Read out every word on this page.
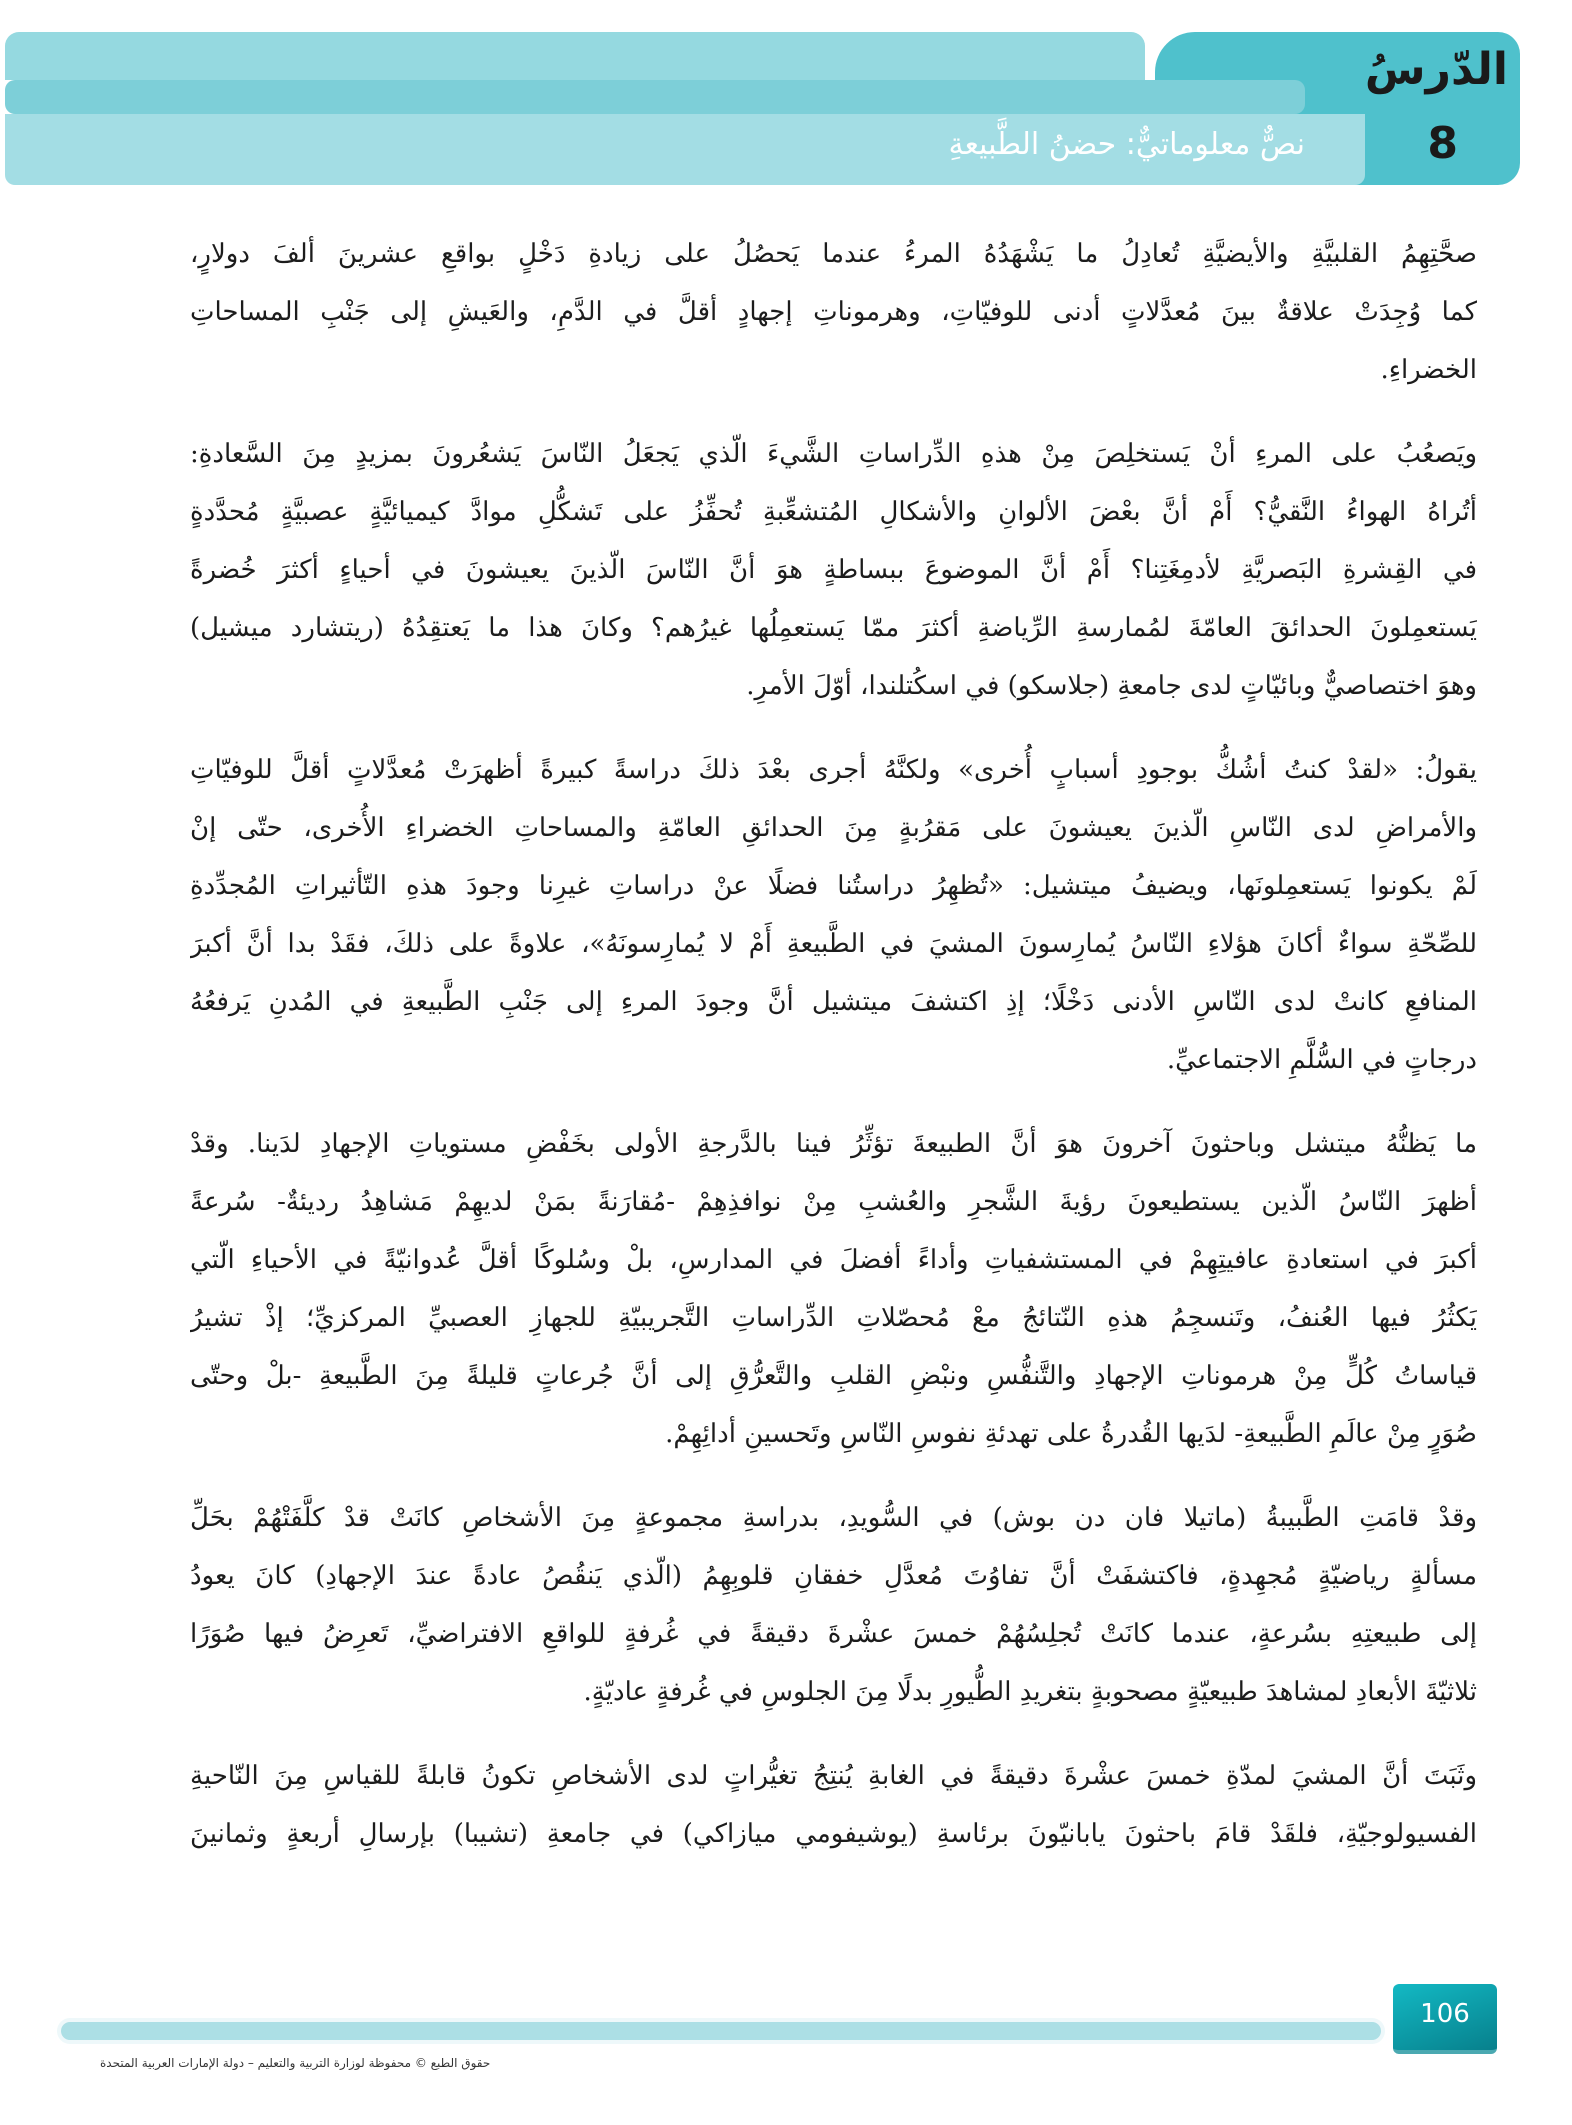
الدّرسُ
8
نصٌّ معلوماتيٌّ: حضنُ الطَّبيعةِ
صحَّتِهِمُ القلبيَّةِ والأيضيَّةِ تُعادِلُ ما يَشْهَدُهُ المرءُ عندما يَحصُلُ على زيادةِ دَخْلٍ بواقعِ عشرينَ ألفَ دولارٍ،
كما وُجِدَتْ علاقةٌ بينَ مُعدَّلاتٍ أدنى للوفيّاتِ، وهرموناتِ إجهادٍ أقلَّ في الدَّمِ، والعَيشِ إلى جَنْبِ المساحاتِ
الخضراءِ.
ويَصعُبُ على المرءِ أنْ يَستخلِصَ مِنْ هذهِ الدِّراساتِ الشَّيءَ الّذي يَجعَلُ النّاسَ يَشعُرونَ بمزيدٍ مِنَ السَّعادةِ:
أتُراهُ الهواءُ النَّقيُّ؟ أَمْ أنَّ بعْضَ الألوانِ والأشكالِ المُتشعِّبةِ تُحفِّزُ على تَشكُّلِ موادَّ كيميائيَّةٍ عصبيَّةٍ مُحدَّدةٍ
في القِشرةِ البَصريَّةِ لأدمِغَتِنا؟ أَمْ أنَّ الموضوعَ ببساطةٍ هوَ أنَّ النّاسَ الّذينَ يعيشونَ في أحياءٍ أكثرَ خُضرةً
يَستعمِلونَ الحدائقَ العامّةَ لمُمارسةِ الرِّياضةِ أكثرَ ممّا يَستعمِلُها غيرُهم؟ وكانَ هذا ما يَعتقِدُهُ (ريتشارد ميشيل)
وهوَ اختصاصيٌّ وبائيّاتٍ لدى جامعةِ (جلاسكو) في اسكُتلندا، أوّلَ الأمرِ.
يقولُ: «لقدْ كنتُ أشُكُّ بوجودِ أسبابٍ أُخرى» ولكنَّهُ أجرى بعْدَ ذلكَ دراسةً كبيرةً أظهرَتْ مُعدَّلاتٍ أقلَّ للوفيّاتِ
والأمراضِ لدى النّاسِ الّذينَ يعيشونَ على مَقرُبةٍ مِنَ الحدائقِ العامّةِ والمساحاتِ الخضراءِ الأُخرى، حتّى إنْ
لَمْ يكونوا يَستعمِلونَها، ويضيفُ ميتشيل: «تُظهِرُ دراستُنا فضلًا عنْ دراساتِ غيرِنا وجودَ هذهِ التّأثيراتِ المُجدِّدةِ
للصِّحّةِ سواءٌ أكانَ هؤلاءِ النّاسُ يُمارِسونَ المشيَ في الطَّبيعةِ أَمْ لا يُمارِسونَهُ»، علاوةً على ذلكَ، فقَدْ بدا أنَّ أكبرَ
المنافعِ كانتْ لدى النّاسِ الأدنى دَخْلًا؛ إذِ اكتشفَ ميتشيل أنَّ وجودَ المرءِ إلى جَنْبِ الطَّبيعةِ في المُدنِ يَرفعُهُ
درجاتٍ في السُّلَّمِ الاجتماعيِّ.
ما يَظنُّهُ ميتشل وباحثونَ آخرونَ هوَ أنَّ الطبيعةَ تؤثِّرُ فينا بالدَّرجةِ الأولى بخَفْضِ مستوياتِ الإجهادِ لدَينا. وقدْ
أظهرَ النّاسُ الّذين يستطيعونَ رؤيةَ الشَّجرِ والعُشبِ مِنْ نوافذِهِمْ -مُقارَنةً بمَنْ لديهِمْ مَشاهِدُ رديئةٌ- سُرعةً
أكبرَ في استعادةِ عافيتِهِمْ في المستشفياتِ وأداءً أفضلَ في المدارسِ، بلْ وسُلوكًا أقلَّ عُدوانيّةً في الأحياءِ الّتي
يَكثُرُ فيها العُنفُ، وتَنسجِمُ هذهِ النّتائجُ معْ مُحصّلاتِ الدِّراساتِ التَّجريبيّةِ للجهازِ العصبيِّ المركزيِّ؛ إذْ تشيرُ
قياساتُ كُلٍّ مِنْ هرموناتِ الإجهادِ والتَّنفُّسِ ونبْضِ القلبِ والتَّعرُّقِ إلى أنَّ جُرعاتٍ قليلةً مِنَ الطَّبيعةِ -بلْ وحتّى
صُوَرٍ مِنْ عالَمِ الطَّبيعةِ- لدَيها القُدرةُ على تهدئةِ نفوسِ النّاسِ وتَحسينِ أدائِهِمْ.
وقدْ قامَتِ الطَّبيبةُ (ماتيلا فان دن بوش) في السُّويدِ، بدراسةِ مجموعةٍ مِنَ الأشخاصِ كانَتْ قدْ كلَّفَتْهُمْ بحَلِّ
مسألةٍ رياضيّةٍ مُجهِدةٍ، فاكتشفَتْ أنَّ تفاوُتَ مُعدَّلِ خفقانِ قلوبِهِمُ (الّذي يَنقُصُ عادةً عندَ الإجهادِ) كانَ يعودُ
إلى طبيعتِهِ بسُرعةٍ، عندما كانَتْ تُجلِسُهُمْ خمسَ عشْرةَ دقيقةً في غُرفةٍ للواقعِ الافتراضيِّ، تَعرِضُ فيها صُوَرًا
ثلاثيّةَ الأبعادِ لمشاهدَ طبيعيّةٍ مصحوبةٍ بتغريدِ الطُّيورِ بدلًا مِنَ الجلوسِ في غُرفةٍ عاديّةٍ.
وثَبَتَ أنَّ المشيَ لمدّةِ خمسَ عشْرةَ دقيقةً في الغابةِ يُنتِجُ تغيُّراتٍ لدى الأشخاصِ تكونُ قابلةً للقياسِ مِنَ النّاحيةِ
الفسيولوجيّةِ، فلقَدْ قامَ باحثونَ يابانيّونَ برئاسةِ (يوشيفومي ميازاكي) في جامعةِ (تشيبا) بإرسالِ أربعةٍ وثمانينَ
106
حقوق الطبع © محفوظة لوزارة التربية والتعليم – دولة الإمارات العربية المتحدة
